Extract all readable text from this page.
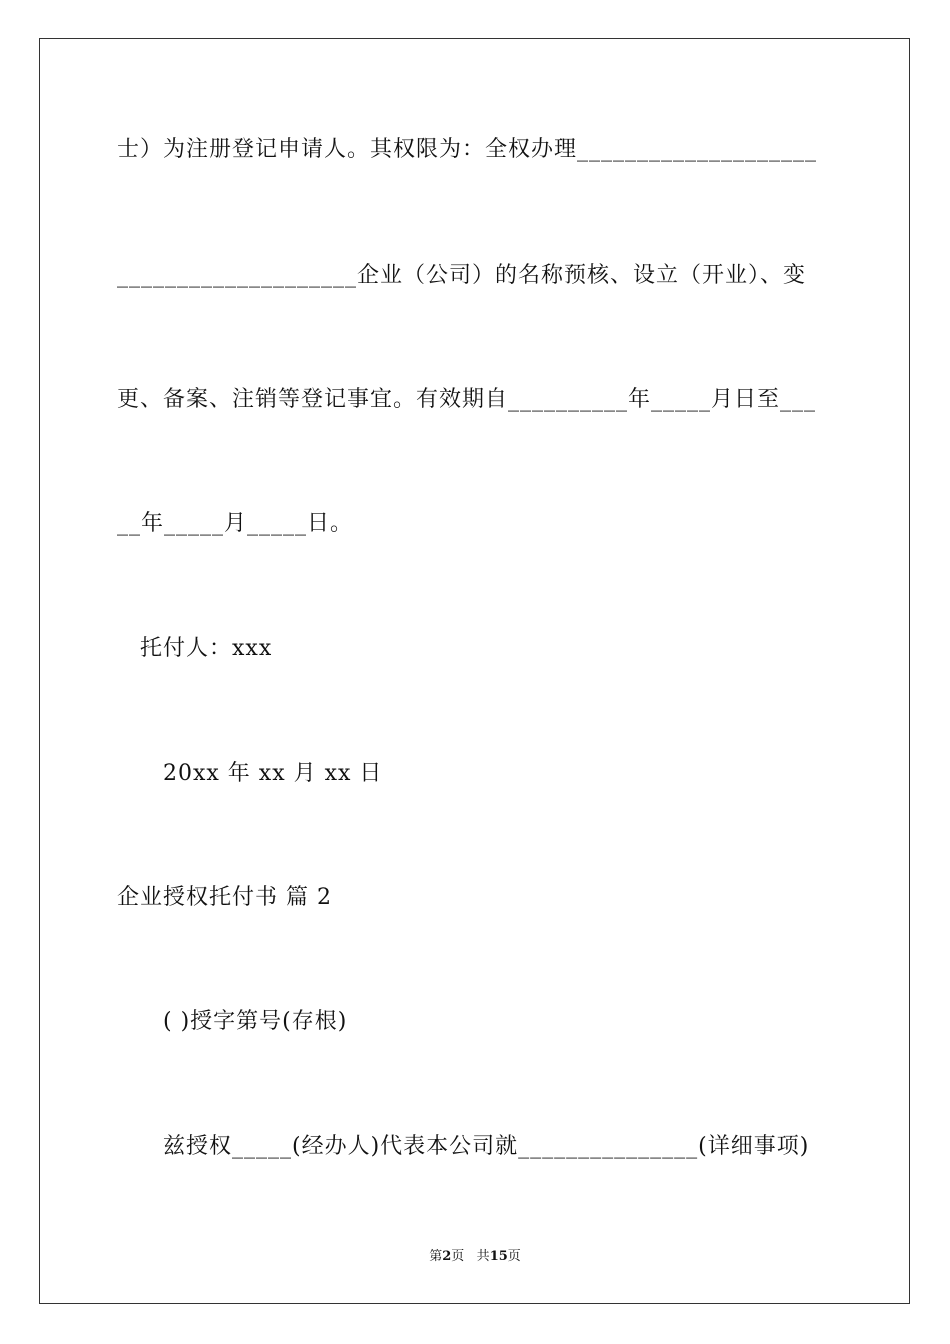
士）为注册登记申请人。其权限为：全权办理____________________
____________________企业（公司）的名称预核、设立（开业）、变
更、备案、注销等登记事宜。有效期自__________年_____月日至___
__年_____月_____日。
托付人：xxx
20xx 年 xx 月 xx 日
企业授权托付书 篇 2
( )授字第号(存根)
兹授权_____(经办人)代表本公司就_______________(详细事项)
第2页 共15页
